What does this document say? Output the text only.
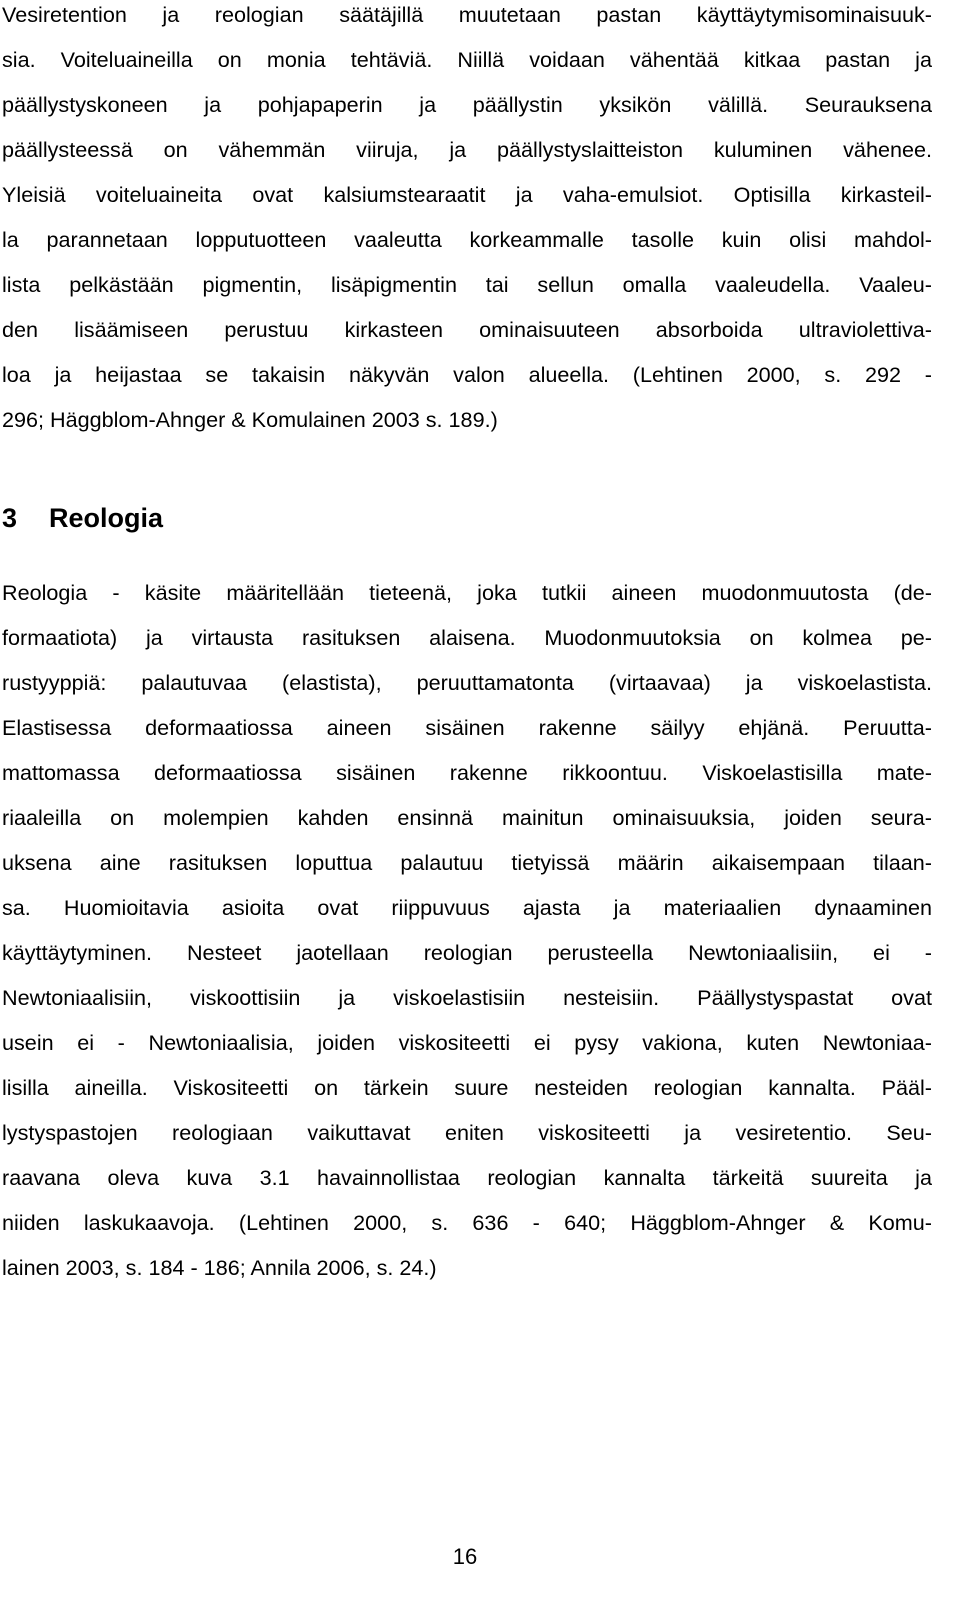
Vesiretention ja reologian säätäjillä muutetaan pastan käyttäytymisominaisuuk-
sia. Voiteluaineilla on monia tehtäviä. Niillä voidaan vähentää kitkaa pastan ja
päällystyskoneen ja pohjapaperin ja päällystin yksikön välillä. Seurauksena
päällysteessä on vähemmän viiruja, ja päällystyslaitteiston kuluminen vähenee.
Yleisiä voiteluaineita ovat kalsiumstearaatit ja vaha-emulsiot. Optisilla kirkasteil-
la parannetaan lopputuotteen vaaleutta korkeammalle tasolle kuin olisi mahdol-
lista pelkästään pigmentin, lisäpigmentin tai sellun omalla vaaleudella. Vaaleu-
den lisäämiseen perustuu kirkasteen ominaisuuteen absorboida ultraviolettiva-
loa ja heijastaa se takaisin näkyvän valon alueella. (Lehtinen 2000, s. 292 -
296; Häggblom-Ahnger & Komulainen 2003 s. 189.)
3 Reologia
Reologia - käsite määritellään tieteenä, joka tutkii aineen muodonmuutosta (de-
formaatiota) ja virtausta rasituksen alaisena. Muodonmuutoksia on kolmea pe-
rustyyppiä: palautuvaa (elastista), peruuttamatonta (virtaavaa) ja viskoelastista.
Elastisessa deformaatiossa aineen sisäinen rakenne säilyy ehjänä. Peruutta-
mattomassa deformaatiossa sisäinen rakenne rikkoontuu. Viskoelastisilla mate-
riaaleilla on molempien kahden ensinnä mainitun ominaisuuksia, joiden seura-
uksena aine rasituksen loputtua palautuu tietyissä määrin aikaisempaan tilaan-
sa. Huomioitavia asioita ovat riippuvuus ajasta ja materiaalien dynaaminen
käyttäytyminen. Nesteet jaotellaan reologian perusteella Newtoniaalisiin, ei -
Newtoniaalisiin, viskoottisiin ja viskoelastisiin nesteisiin. Päällystyspastat ovat
usein ei - Newtoniaalisia, joiden viskositeetti ei pysy vakiona, kuten Newtoniaa-
lisilla aineilla. Viskositeetti on tärkein suure nesteiden reologian kannalta. Pääl-
lystyspastojen reologiaan vaikuttavat eniten viskositeetti ja vesiretentio. Seu-
raavana oleva kuva 3.1 havainnollistaa reologian kannalta tärkeitä suureita ja
niiden laskukaavoja. (Lehtinen 2000, s. 636 - 640; Häggblom-Ahnger & Komu-
lainen 2003, s. 184 - 186; Annila 2006, s. 24.)
16
